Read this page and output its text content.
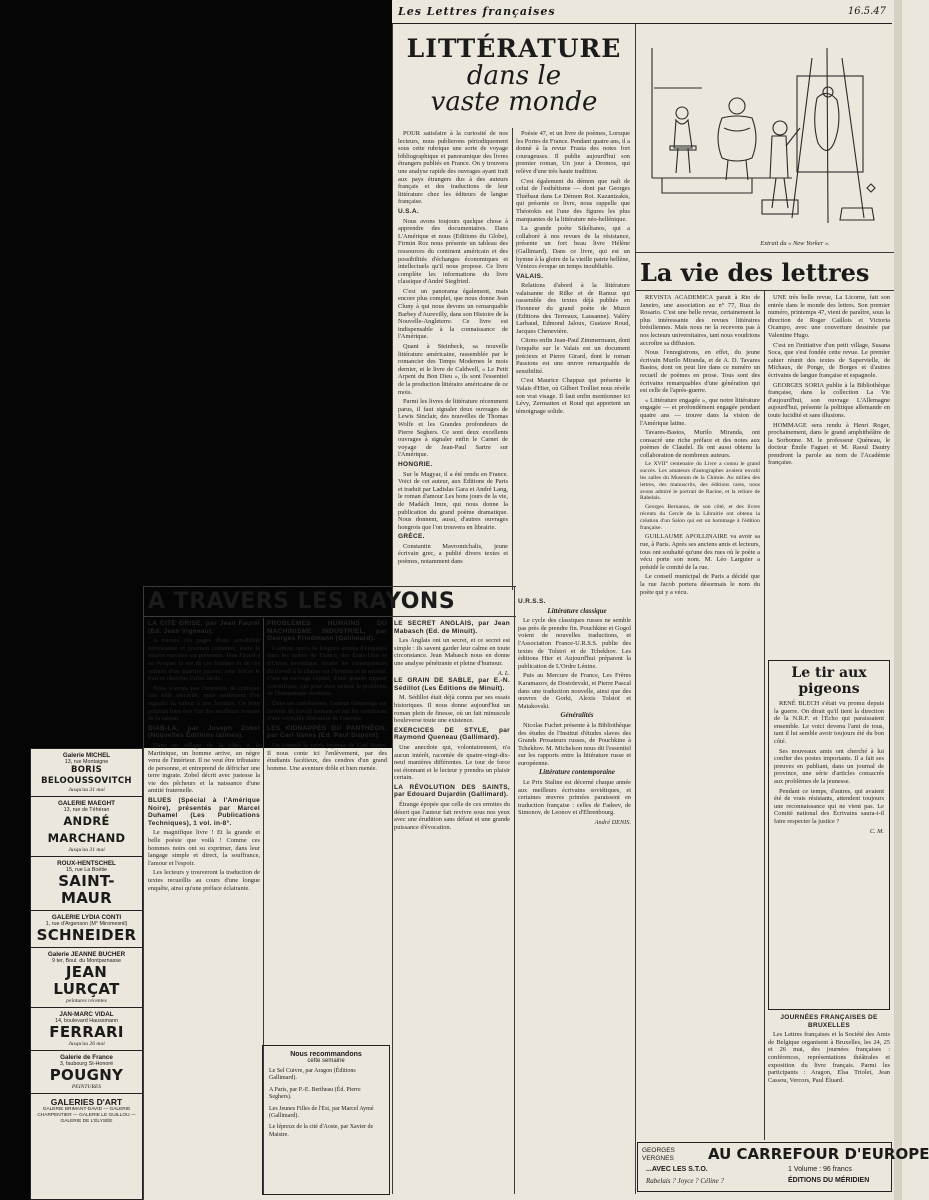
Les Lettres françaises	16.5.47
LITTÉRATURE
dans le
vaste monde

POUR satisfaire à la curiosité de nos lecteurs, nous publierons périodiquement sous cette rubrique une sorte de voyage bibliographique et panoramique des livres étrangers publiés en France. On y trouvera une analyse rapide des ouvrages ayant trait aux pays étrangers dus à des auteurs français et des traductions de leur littérature chez les éditeurs de langue française.

U.S.A.

Nous avons toujours quelque chose à apprendre des documentaires. Dans L'Amérique et nous (Editions du Globe), Firmin Roz nous présente un tableau des ressources du continent américain et des possibilités d'échanges économiques et intellectuels qu'il nous propose. Ce livre complète les informations du livre classique d'André Siegfried.

C'est un panorama également, mais encore plus complet, que nous donne Jean Cluny à qui nous devons un remarquable Barbey d'Aurevilly, dans son Histoire de la Nouvelle-Angleterre. Ce livre est indispensable à la connaissance de l'Amérique.

Quant à Steinbeck, sa nouvelle littérature américaine, rassemblée par le romancier des Temps Modernes le mois dernier, et le livre de Caldwell, « Le Petit Arpent du Bon Dieu », ils sont l'essentiel de la production littéraire américaine de ce mois.

Parmi les livres de littérature récemment parus, il faut signaler deux ouvrages de Lewis Sinclair, des nouvelles de Thomas Wolfe et les Grandes profondeurs de Pierre Seghers. Ce sont deux excellents ouvrages à signaler enfin le Carnet de voyage de Jean-Paul Sartre sur l'Amérique.

HONGRIE.

Sur le Magyar, il a été rendu en France. Voici de cet auteur, aux Éditions de Paris et traduit par Ladislas Gara et André Lang, le roman d'amour Les bons jours de la vie, de Madách Imre, qui nous donne la publication du grand poème dramatique. Nous donnent, aussi, d'autres ouvrages hongrois que l'on trouvera en librairie.

GRÈCE.

Constantin Mavromichalis, jeune écrivain grec, a publié divers textes et poèmes, notamment dans

Poésie 47, et un livre de poèmes, Lorsque les Portes de France. Pendant quatre ans, il a donné à la revue Frasta des notes fort courageuses. Il publie aujourd'hui son premier roman, Un jour à Dromos, qui relève d'une très haute tradition.

C'est également du démon que naît de celui de l'esthétisme — dont par Georges Thiébaut dans Le Démon Roi. Kazantzakis, qui présente ce livre, nous rappelle que Théotokis est l'une des figures les plus marquantes de la littérature néo-hellénique.

La grande poète Sikélianos, qui a collaboré à nos revues de la résistance, présente un fort beau livre Hélène (Gallimard). Dans ce livre, qui est un hymne à la gloire de la vieille patrie hellène, Vénizos évoque un temps inoubliable.

VALAIS.

Relations d'abord à la littérature valaisanne de Rilke et de Ramuz qui rassemble des textes déjà publiés en l'honneur du grand poète de Muzot (Editions des Terreaux, Lausanne). Valéry Larbaud, Edmond Jaloux, Gustave Roud, Jacques Chenevière.

Citons enfin Jean-Paul Zimmermann, dont l'enquête sur le Valais est un document précieux et Pierre Girard, dont le roman Passions est une œuvre remarquable de sensibilité.

C'est Maurice Chappaz qui présente le Valais d'Hier, où Gilbert Trolliet nous révèle son vrai visage. Il faut enfin mentionner ici Lévy, Zermatten et Roud qui apportent un témoignage solide.

U.R.S.S.

Littérature classique

Le cycle des classiques russes ne semble pas près de prendre fin. Pouchkine et Gogol voient de nouvelles traductions, et l'Association France-U.R.S.S. publie des textes de Tolstoï et de Tchekhov. Les éditions Hier et Aujourd'hui préparent la publication de L'Ordre Lénine.

Puis au Mercure de France, Les Frères Karamazov, de Dostoïevski, et Pierre Pascal dans une traduction nouvelle, ainsi que des œuvres de Gorki, Alexis Tolstoï et Maïakovski.

Généralités

Nicolas Fuchet présente à la Bibliothèque des études de l'Institut d'études slaves des Grands Prosateurs russes, de Pouchkine à Tchekhov. M. Michelson nous dit l'essentiel sur les rapports entre la littérature russe et européenne.

Littérature contemporaine

Le Prix Staline est décerné chaque année aux meilleurs écrivains soviétiques, et certaines œuvres primées paraissent en traduction française : celles de Fadeev, de Simonov, de Leonov et d'Ehrenbourg.

André DENIS.
Extrait du « New Yorker ».
La vie des lettres

REVISTA ACADEMICA parait à Rio de Janeiro, une association au n° 77, Rua do Rosario. C'est une belle revue, certainement la plus intéressante des revues littéraires brésiliennes. Mais nous ne la recevons pas à nos lecteurs universitaires, tant nous voudrions accroître sa diffusion.

Nous l'enregistrons, en effet, du jeune écrivain Murilo Miranda, et de A. D. Tavares Bastos, dont on peut lire dans ce numéro un recueil de poèmes en prose. Tous sont des écrivains remarquables d'une génération qui est celle de l'après-guerre.

« Littérature engagée », que notre littérature engagée — et profondément engagée pendant quatre ans — trouve dans la vision de l'Amérique latine.

Tavares-Bastos, Murilo Miranda, ont consacré une riche préface et des notes aux poèmes de Claudel. Ils ont aussi obtenu la collaboration de nombreux auteurs.

Le XVII° centenaire du Livre a connu le grand succès. Les amateurs d'autographes avaient envahi les salles du Museum de la Chimie. Au milieu des lettres, des manuscrits, des éditions rares, nous avons admiré le portrait de Racine, et la reliure de Rabelais.

Georges Bernanos, de son côté, et des livres récents du Cercle de la Librairie ont obtenu la création d'un Salon qui est un hommage à l'édition française.

GUILLAUME APOLLINAIRE va avoir sa rue, à Paris. Après ses anciens amis et lecteurs, tous ont souhaité qu'une des rues où le poète a vécu porte son nom. M. Léo Larguier a présidé le comité de la rue.

Le conseil municipal de Paris a décidé que la rue Jacob portera désormais le nom du poète qui y a vécu.

UNE très belle revue, La Licorne, fait son entrée dans le monde des lettres. Son premier numéro, printemps 47, vient de paraître, sous la direction de Roger Caillois et Victoria Ocampo, avec une couverture dessinée par Valentine Hugo.

C'est en l'initiative d'un petit village, Susana Soca, que s'est fondée cette revue. Le premier cahier réunit des textes de Supervielle, de Michaux, de Ponge, de Borges et d'autres écrivains de langue française et espagnole.

GEORGES SORIA publie à la Bibliothèque française, dans la collection La Vie d'aujourd'hui, son ouvrage L'Allemagne aujourd'hui, présente la politique allemande en toute lucidité et sans illusions.

HOMMAGE sera rendu à Henri Roger, prochainement, dans le grand amphithéâtre de la Sorbonne. M. le professeur Quéneau, le docteur Émile Faguet et M. Raoul Dautry prendront la parole au nom de l'Académie française.

Le tir aux pigeons

RENÉ BLECH s'était vu promu depuis la guerre. On dirait qu'il tient la direction de la N.R.F. et l'Écho qui paraissaient ensemble. Le voici devenu l'ami de tous, tant il lui semble avoir toujours été du bon côté.

Ses nouveaux amis ont cherché à lui confier des postes importants. Il a fait ses preuves en publiant, dans un journal de province, une série d'articles consacrés aux problèmes de la jeunesse.

Pendant ce temps, d'autres, qui avaient été de vrais résistants, attendent toujours une reconnaissance qui ne vient pas. Le Comité national des Écrivains saura-t-il faire respecter la justice ?

C. M.

JOURNÉES FRANÇAISES DE BRUXELLES

Les Lettres françaises et la Société des Amis de Belgique organisent à Bruxelles, les 24, 25 et 26 mai, des journées françaises : conférences, représentations théâtrales et exposition du livre français. Parmi les participants : Aragon, Elsa Triolet, Jean Cassou, Vercors, Paul Éluard.

GEORGES VERGNES	AU CARREFOUR D'EUROPE
...AVEC LES S.T.O.
Rabelais ? Joyce ? Céline ?
1 Volume : 96 francs
ÉDITIONS DU MÉRIDIEN
A TRAVERS LES RAYONS

LA CITÉ GRISE, par Jean Faurel (Ed. Jean Vigneau).

A travers ces pages d'une sensibilité frémissante et pourtant contenue, toute la misère ouvrière est présentée. Jean Faurel a su évoquer la vie de ces femmes et de ces enfants d'un quartier pauvre, sans forcer le trait ni chercher l'effet facile.

Nous n'avons pas l'intention de critiquer une telle sincérité, mais seulement d'en signaler la valeur à nos lecteurs. Ce livre pourrait bien être l'un des meilleurs romans de la saison.

DIAB-LA, par Joseph Zobel (Nouvelles Éditions latines).

Dans un village de la côte, à la Martinique, un homme arrive, un nègre venu de l'intérieur. Il ne veut être tributaire de personne, et entreprend de défricher une terre ingrate. Zobel décrit avec justesse la vie des pêcheurs et la naissance d'une amitié fraternelle.

BLUES (Spécial à l'Amérique Noire), présentés par Marcel Duhamel (Les Publications Techniques), 1 vol. in-8°.

Le magnifique livre ! Et la grande et belle poésie que voilà ! Comme ces hommes noirs ont su exprimer, dans leur langage simple et direct, la souffrance, l'amour et l'espoir.

Les lecteurs y trouveront la traduction de textes recueillis au cours d'une longue enquête, ainsi qu'une préface éclairante.

PROBLÈMES HUMAINS DU MACHINISME INDUSTRIEL, par Georges Friedmann (Gallimard).

L'auteur, après de longues années d'enquêtes dans les usines de France, des États-Unis et d'Union soviétique, étudie les conséquences du travail à la chaîne sur l'homme et la société. C'est un ouvrage capital, d'une grande rigueur scientifique, qui pose avec netteté le problème de l'humanisme moderne.

Dans ses conclusions, l'auteur s'interroge sur l'avenir du travail humain et sur les conditions d'une véritable libération de l'ouvrier.

LES KIDNAPPÉS DU PANTHÉON, par Carl Vanes (Ed. Paul Dupont).

On connaît la verve joyeuse de Carl Vanes. Il nous conte ici l'enlèvement, par des étudiants facétieux, des cendres d'un grand homme. Une aventure drôle et bien menée.

LE SECRET ANGLAIS, par Jean Mabasch (Ed. de Minuit).

Les Anglais ont un secret, et ce secret est simple : ils savent garder leur calme en toute circonstance. Jean Mabasch nous en donne une analyse pénétrante et pleine d'humour.

A. L.

LE GRAIN DE SABLE, par E.-N. Sédillot (Les Éditions de Minuit).

M. Sédillot était déjà connu par ses essais historiques. Il nous donne aujourd'hui un roman plein de finesse, où un fait minuscule bouleverse toute une existence.

EXERCICES DE STYLE, par Raymond Queneau (Gallimard).

Une anecdote qui, volontairement, n'a aucun intérêt, racontée de quatre-vingt-dix-neuf manières différentes. Le tour de force est étonnant et le lecteur y prendra un plaisir certain.

LA RÉVOLUTION DES SAINTS, par Edouard Dujardin (Gallimard).

Étrange épopée que celle de ces ermites du désert que l'auteur fait revivre sous nos yeux avec une érudition sans défaut et une grande puissance d'évocation.

Nous recommandons
cette semaine
Le Sel Cuivre, par Aragon (Éditions Gallimard).
A Paris, par P.-E. Bertheau (Éd. Pierre Seghers).
Les Jeunes Filles de l'Est, par Marcel Aymé (Gallimard).
Le lépreux de la cité d'Aoste, par Xavier de Maistre.
Galerie MICHEL
13, rue Montaigne
BORIS BELOOUSSOVITCH
Jusqu'au 31 mai
GALERIE MAEGHT
13, rue de Téhéran
ANDRÉ MARCHAND
Jusqu'au 31 mai
ROUX-HENTSCHEL
15, rue La Boétie
SAINT-MAUR
GALERIE LYDIA CONTI
1, rue d'Argenson (M° Miromesnil)
SCHNEIDER
Galerie JEANNE BUCHER
9 ter, Boul. du Montparnasse
JEAN LURÇAT
peintures récentes
JAN-MARC VIDAL
14, boulevard Haussmann
FERRARI
Jusqu'au 26 mai
Galerie de France
3, faubourg St-Honoré
POUGNY
PEINTURES
GALERIES D'ART
GALERIE BRIMANT-DAVID — GALERIE CHARPENTIER — GALERIE LE GUILLOU — GALERIE DE L'ÉLYSÉE
